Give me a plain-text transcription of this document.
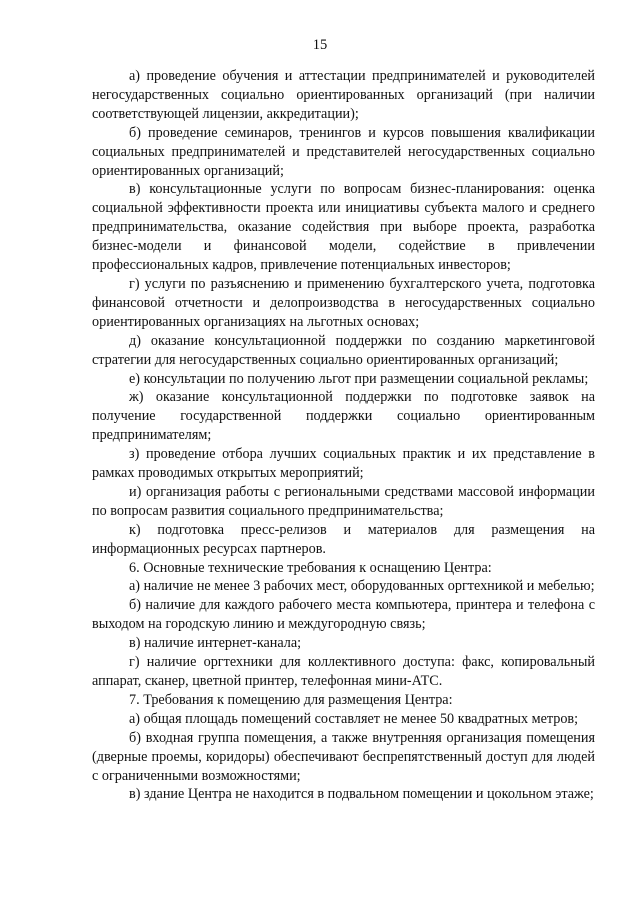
15

а) проведение обучения и аттестации предпринимателей и руководителей негосударственных социально ориентированных организаций (при наличии соответствующей лицензии, аккредитации);

б) проведение семинаров, тренингов и курсов повышения квалификации социальных предпринимателей и представителей негосударственных социально ориентированных организаций;

в) консультационные услуги по вопросам бизнес-планирования: оценка социальной эффективности проекта или инициативы субъекта малого и среднего предпринимательства, оказание содействия при выборе проекта, разработка бизнес-модели и финансовой модели, содействие в привлечении профессиональных кадров, привлечение потенциальных инвесторов;

г) услуги по разъяснению и применению бухгалтерского учета, подготовка финансовой отчетности и делопроизводства в негосударственных социально ориентированных организациях на льготных основах;

д) оказание консультационной поддержки по созданию маркетинговой стратегии для негосударственных социально ориентированных организаций;

е) консультации по получению льгот при размещении социальной рекламы;

ж) оказание консультационной поддержки по подготовке заявок на получение государственной поддержки социально ориентированным предпринимателям;

з) проведение отбора лучших социальных практик и их представление в рамках проводимых открытых мероприятий;

и) организация работы с региональными средствами массовой информации по вопросам развития социального предпринимательства;

к) подготовка пресс-релизов и материалов для размещения на информационных ресурсах партнеров.

6. Основные технические требования к оснащению Центра:

а) наличие не менее 3 рабочих мест, оборудованных оргтехникой и мебелью;

б) наличие для каждого рабочего места компьютера, принтера и телефона с выходом на городскую линию и междугородную связь;

в) наличие интернет-канала;

г) наличие оргтехники для коллективного доступа: факс, копировальный аппарат, сканер, цветной принтер, телефонная мини-АТС.

7. Требования к помещению для размещения Центра:

а) общая площадь помещений составляет не менее 50 квадратных метров;

б) входная группа помещения, а также внутренняя организация помещения (дверные проемы, коридоры) обеспечивают беспрепятственный доступ для людей с ограниченными возможностями;

в) здание Центра не находится в подвальном помещении и цокольном этаже;
